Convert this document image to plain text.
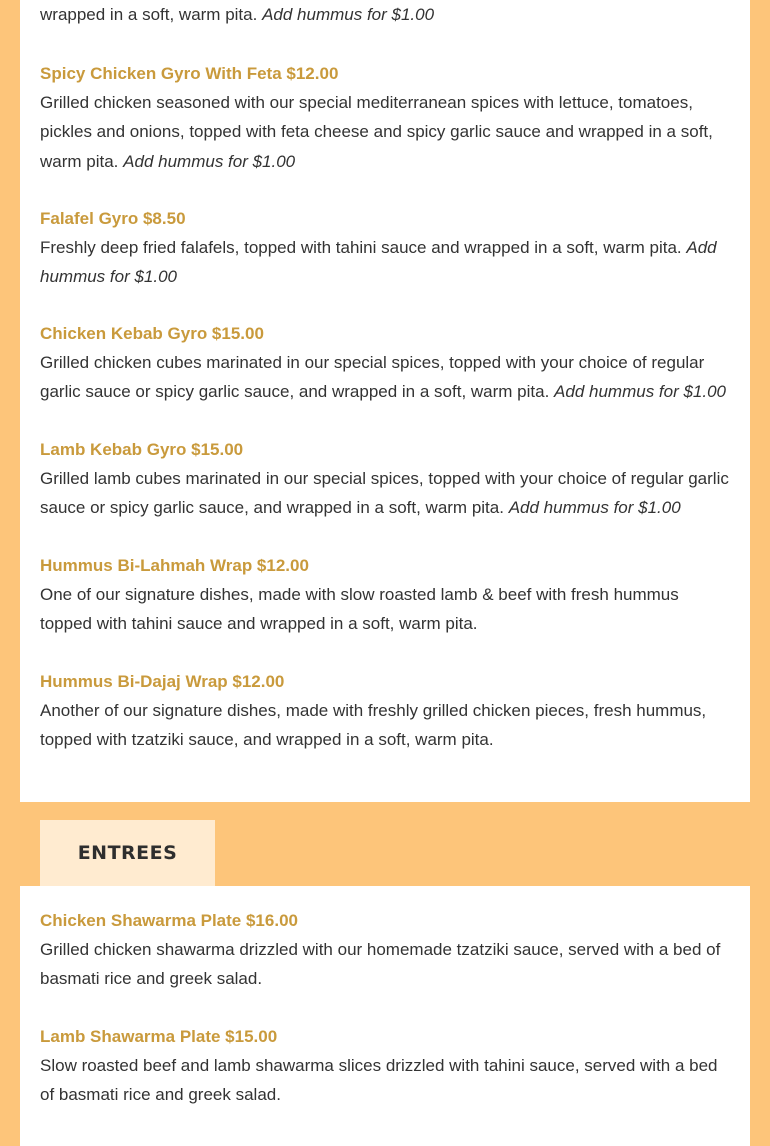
wrapped in a soft, warm pita. Add hummus for $1.00

Spicy Chicken Gyro With Feta $12.00

Grilled chicken seasoned with our special mediterranean spices with lettuce, tomatoes, pickles and onions, topped with feta cheese and spicy garlic sauce and wrapped in a soft, warm pita. Add hummus for $1.00

Falafel Gyro $8.50

Freshly deep fried falafels, topped with tahini sauce and wrapped in a soft, warm pita. Add hummus for $1.00

Chicken Kebab Gyro $15.00

Grilled chicken cubes marinated in our special spices, topped with your choice of regular garlic sauce or spicy garlic sauce, and wrapped in a soft, warm pita. Add hummus for $1.00

Lamb Kebab Gyro $15.00

Grilled lamb cubes marinated in our special spices, topped with your choice of regular garlic sauce or spicy garlic sauce, and wrapped in a soft, warm pita. Add hummus for $1.00

Hummus Bi-Lahmah Wrap $12.00

One of our signature dishes, made with slow roasted lamb & beef with fresh hummus topped with tahini sauce and wrapped in a soft, warm pita.

Hummus Bi-Dajaj Wrap $12.00

Another of our signature dishes, made with freshly grilled chicken pieces, fresh hummus, topped with tzatziki sauce, and wrapped in a soft, warm pita.

ENTREES
Chicken Shawarma Plate $16.00

Grilled chicken shawarma drizzled with our homemade tzatziki sauce, served with a bed of basmati rice and greek salad.

Lamb Shawarma Plate $15.00

Slow roasted beef and lamb shawarma slices drizzled with tahini sauce, served with a bed of basmati rice and greek salad.
